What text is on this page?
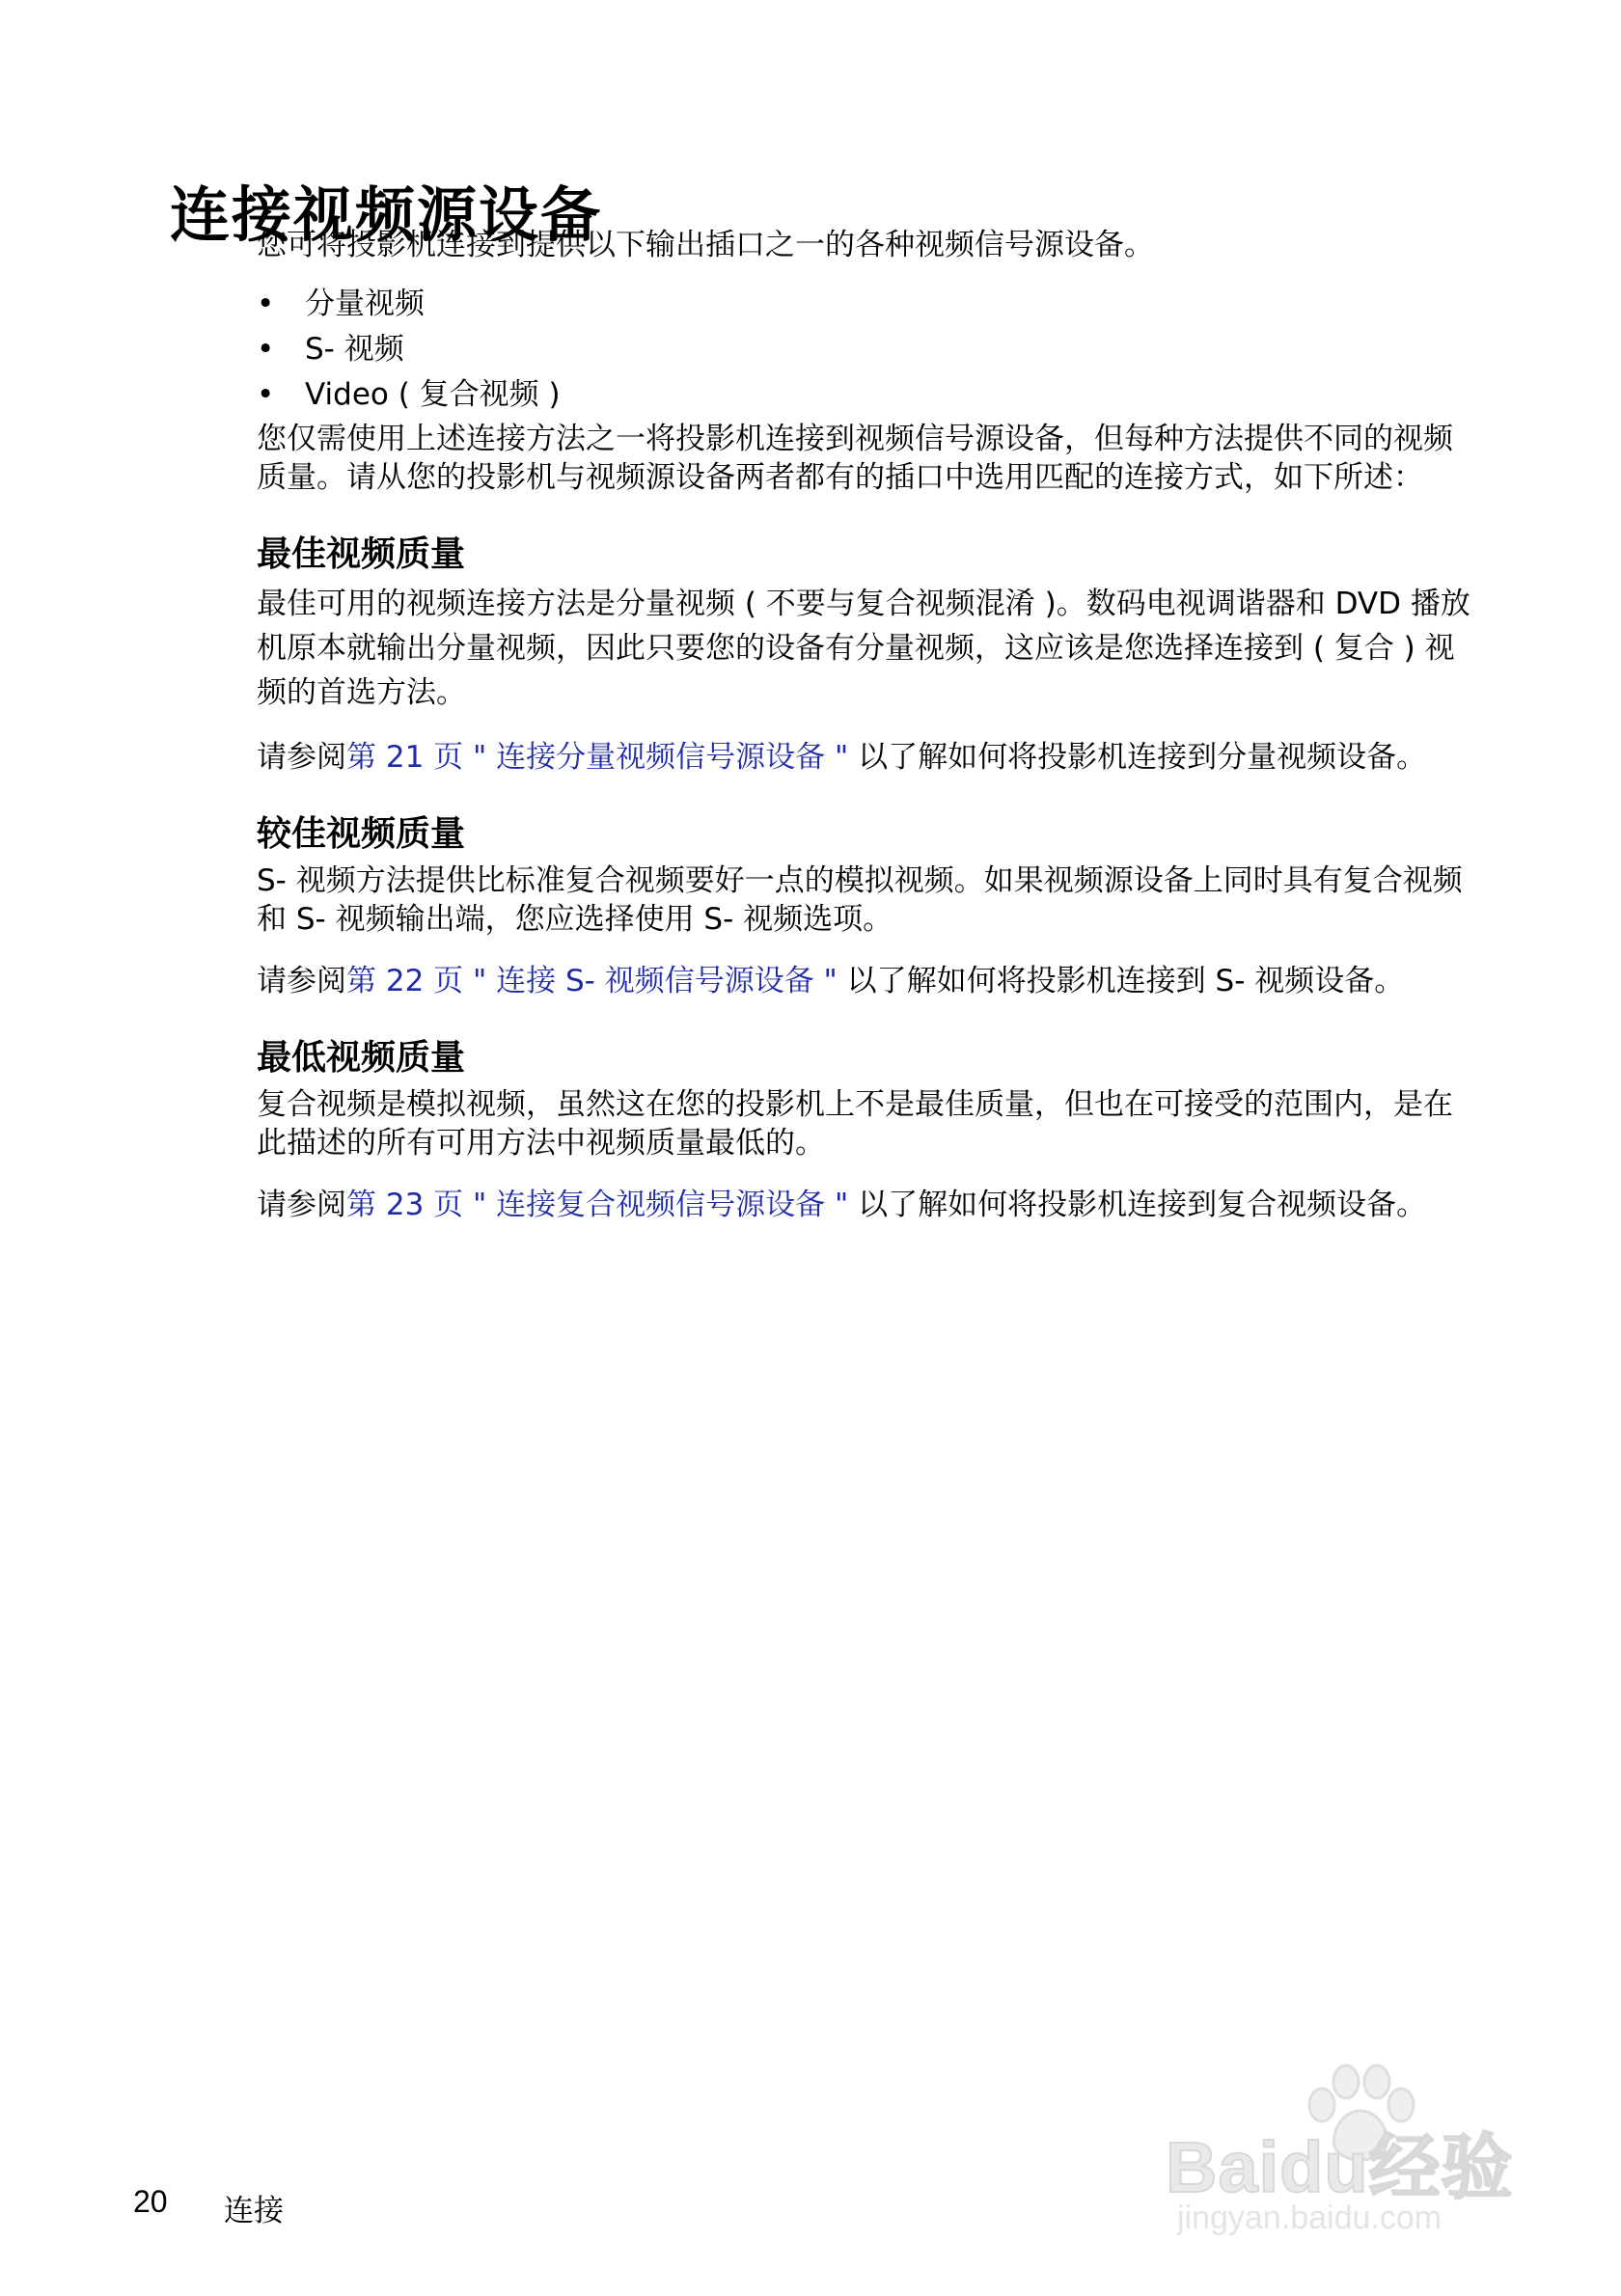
连接视频源设备

您可将投影机连接到提供以下输出插口之一的各种视频信号源设备。

• 分量视频
• S- 视频
• Video ( 复合视频 )

您仅需使用上述连接方法之一将投影机连接到视频信号源设备，但每种方法提供不同的视频质量。请从您的投影机与视频源设备两者都有的插口中选用匹配的连接方式，如下所述：

最佳视频质量

最佳可用的视频连接方法是分量视频 ( 不要与复合视频混淆 )。数码电视调谐器和 DVD 播放机原本就输出分量视频，因此只要您的设备有分量视频，这应该是您选择连接到 ( 复合 ) 视频的首选方法。

请参阅第 21 页 " 连接分量视频信号源设备 " 以了解如何将投影机连接到分量视频设备。

较佳视频质量

S- 视频方法提供比标准复合视频要好一点的模拟视频。如果视频源设备上同时具有复合视频和 S- 视频输出端，您应选择使用 S- 视频选项。

请参阅第 22 页 " 连接 S- 视频信号源设备 " 以了解如何将投影机连接到 S- 视频设备。

最低视频质量

复合视频是模拟视频，虽然这在您的投影机上不是最佳质量，但也在可接受的范围内，是在此描述的所有可用方法中视频质量最低的。

请参阅第 23 页 " 连接复合视频信号源设备 " 以了解如何将投影机连接到复合视频设备。

20 连接
Baidu经验
jingyan.baidu.com
